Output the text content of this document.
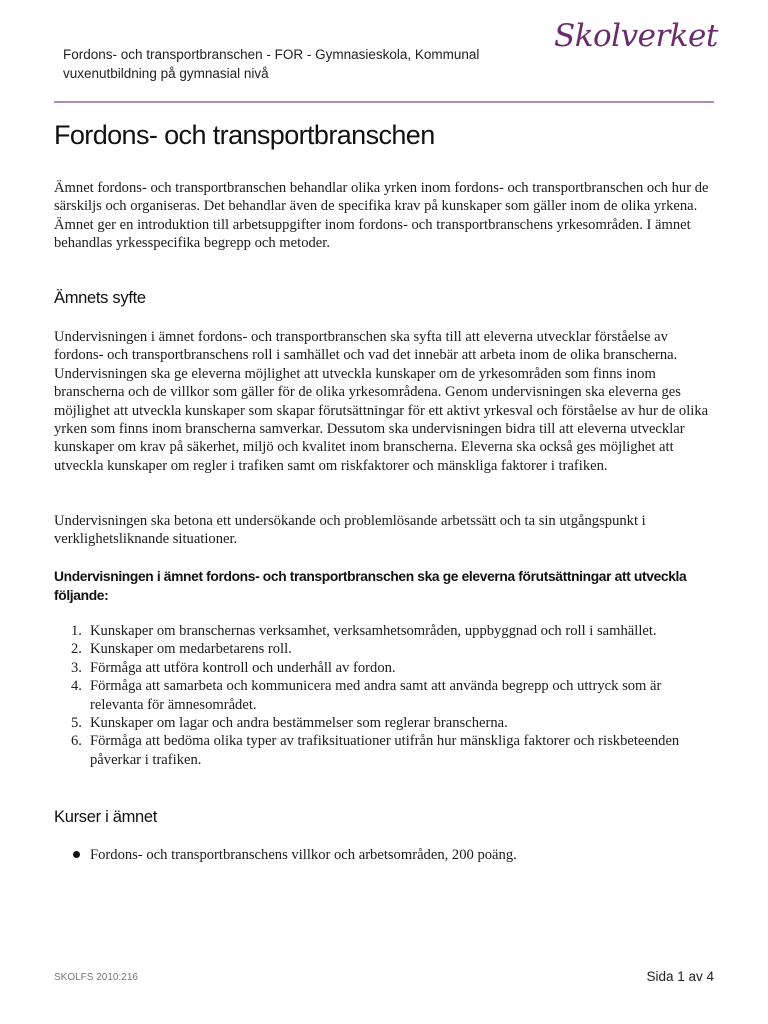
Fordons- och transportbranschen - FOR - Gymnasieskola, Kommunal
vuxenutbildning på gymnasial nivå
Skolverket
Fordons- och transportbranschen

Ämnet fordons- och transportbranschen behandlar olika yrken inom fordons- och transportbranschen och hur de särskiljs och organiseras. Det behandlar även de specifika krav på kunskaper som gäller inom de olika yrkena. Ämnet ger en introduktion till arbetsuppgifter inom fordons- och transportbranschens yrkesområden. I ämnet behandlas yrkesspecifika begrepp och metoder.

Ämnets syfte

Undervisningen i ämnet fordons- och transportbranschen ska syfta till att eleverna utvecklar förståelse av fordons- och transportbranschens roll i samhället och vad det innebär att arbeta inom de olika branscherna. Undervisningen ska ge eleverna möjlighet att utveckla kunskaper om de yrkesområden som finns inom branscherna och de villkor som gäller för de olika yrkesområdena. Genom undervisningen ska eleverna ges möjlighet att utveckla kunskaper som skapar förutsättningar för ett aktivt yrkesval och förståelse av hur de olika yrken som finns inom branscherna samverkar. Dessutom ska undervisningen bidra till att eleverna utvecklar kunskaper om krav på säkerhet, miljö och kvalitet inom branscherna. Eleverna ska också ges möjlighet att utveckla kunskaper om regler i trafiken samt om riskfaktorer och mänskliga faktorer i trafiken.

Undervisningen ska betona ett undersökande och problemlösande arbetssätt och ta sin utgångspunkt i verklighetsliknande situationer.

Undervisningen i ämnet fordons- och transportbranschen ska ge eleverna förutsättningar att utveckla följande:

1. Kunskaper om branschernas verksamhet, verksamhetsområden, uppbyggnad och roll i samhället.
2. Kunskaper om medarbetarens roll.
3. Förmåga att utföra kontroll och underhåll av fordon.
4. Förmåga att samarbeta och kommunicera med andra samt att använda begrepp och uttryck som är relevanta för ämnesområdet.
5. Kunskaper om lagar och andra bestämmelser som reglerar branscherna.
6. Förmåga att bedöma olika typer av trafiksituationer utifrån hur mänskliga faktorer och riskbeteenden påverkar i trafiken.
Kurser i ämnet
Fordons- och transportbranschens villkor och arbetsområden, 200 poäng.
SKOLFS 2010:216	Sida 1 av 4
